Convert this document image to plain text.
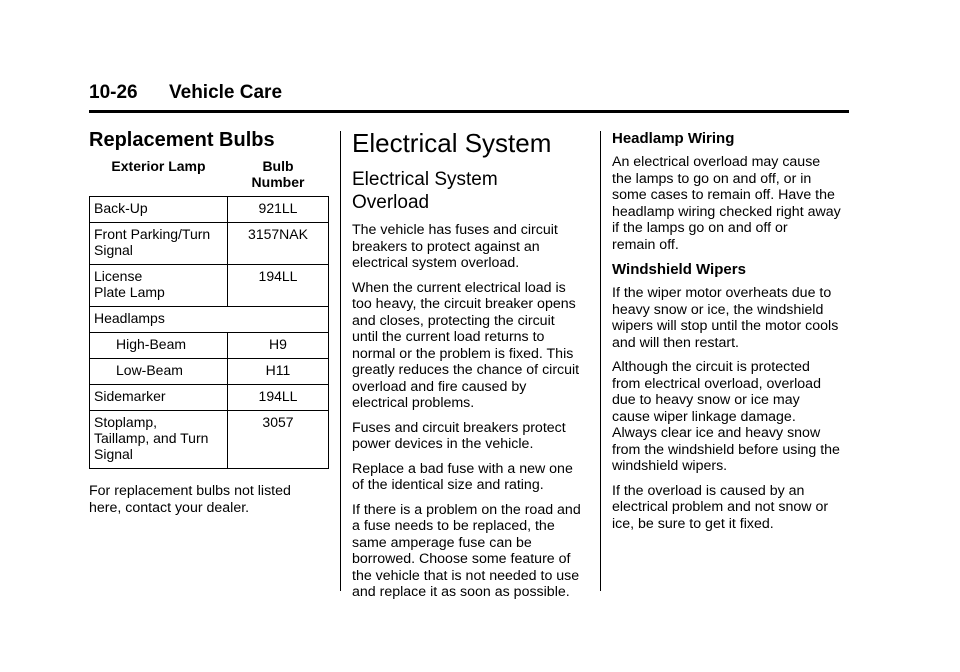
10-26 Vehicle Care
Replacement Bulbs
Exterior Lamp	Bulb
Number
Back-Up	921LL
Front Parking/Turn
Signal	3157NAK
License
Plate Lamp	194LL
Headlamps	
High-Beam	H9
Low-Beam	H11
Sidemarker	194LL
Stoplamp,
Taillamp, and Turn
Signal	3057

For replacement bulbs not listed
here, contact your dealer.

Electrical System
Electrical System
Overload

The vehicle has fuses and circuit
breakers to protect against an
electrical system overload.

When the current electrical load is
too heavy, the circuit breaker opens
and closes, protecting the circuit
until the current load returns to
normal or the problem is fixed. This
greatly reduces the chance of circuit
overload and fire caused by
electrical problems.

Fuses and circuit breakers protect
power devices in the vehicle.

Replace a bad fuse with a new one
of the identical size and rating.

If there is a problem on the road and
a fuse needs to be replaced, the
same amperage fuse can be
borrowed. Choose some feature of
the vehicle that is not needed to use
and replace it as soon as possible.

Headlamp Wiring

An electrical overload may cause
the lamps to go on and off, or in
some cases to remain off. Have the
headlamp wiring checked right away
if the lamps go on and off or
remain off.

Windshield Wipers

If the wiper motor overheats due to
heavy snow or ice, the windshield
wipers will stop until the motor cools
and will then restart.

Although the circuit is protected
from electrical overload, overload
due to heavy snow or ice may
cause wiper linkage damage.
Always clear ice and heavy snow
from the windshield before using the
windshield wipers.

If the overload is caused by an
electrical problem and not snow or
ice, be sure to get it fixed.
